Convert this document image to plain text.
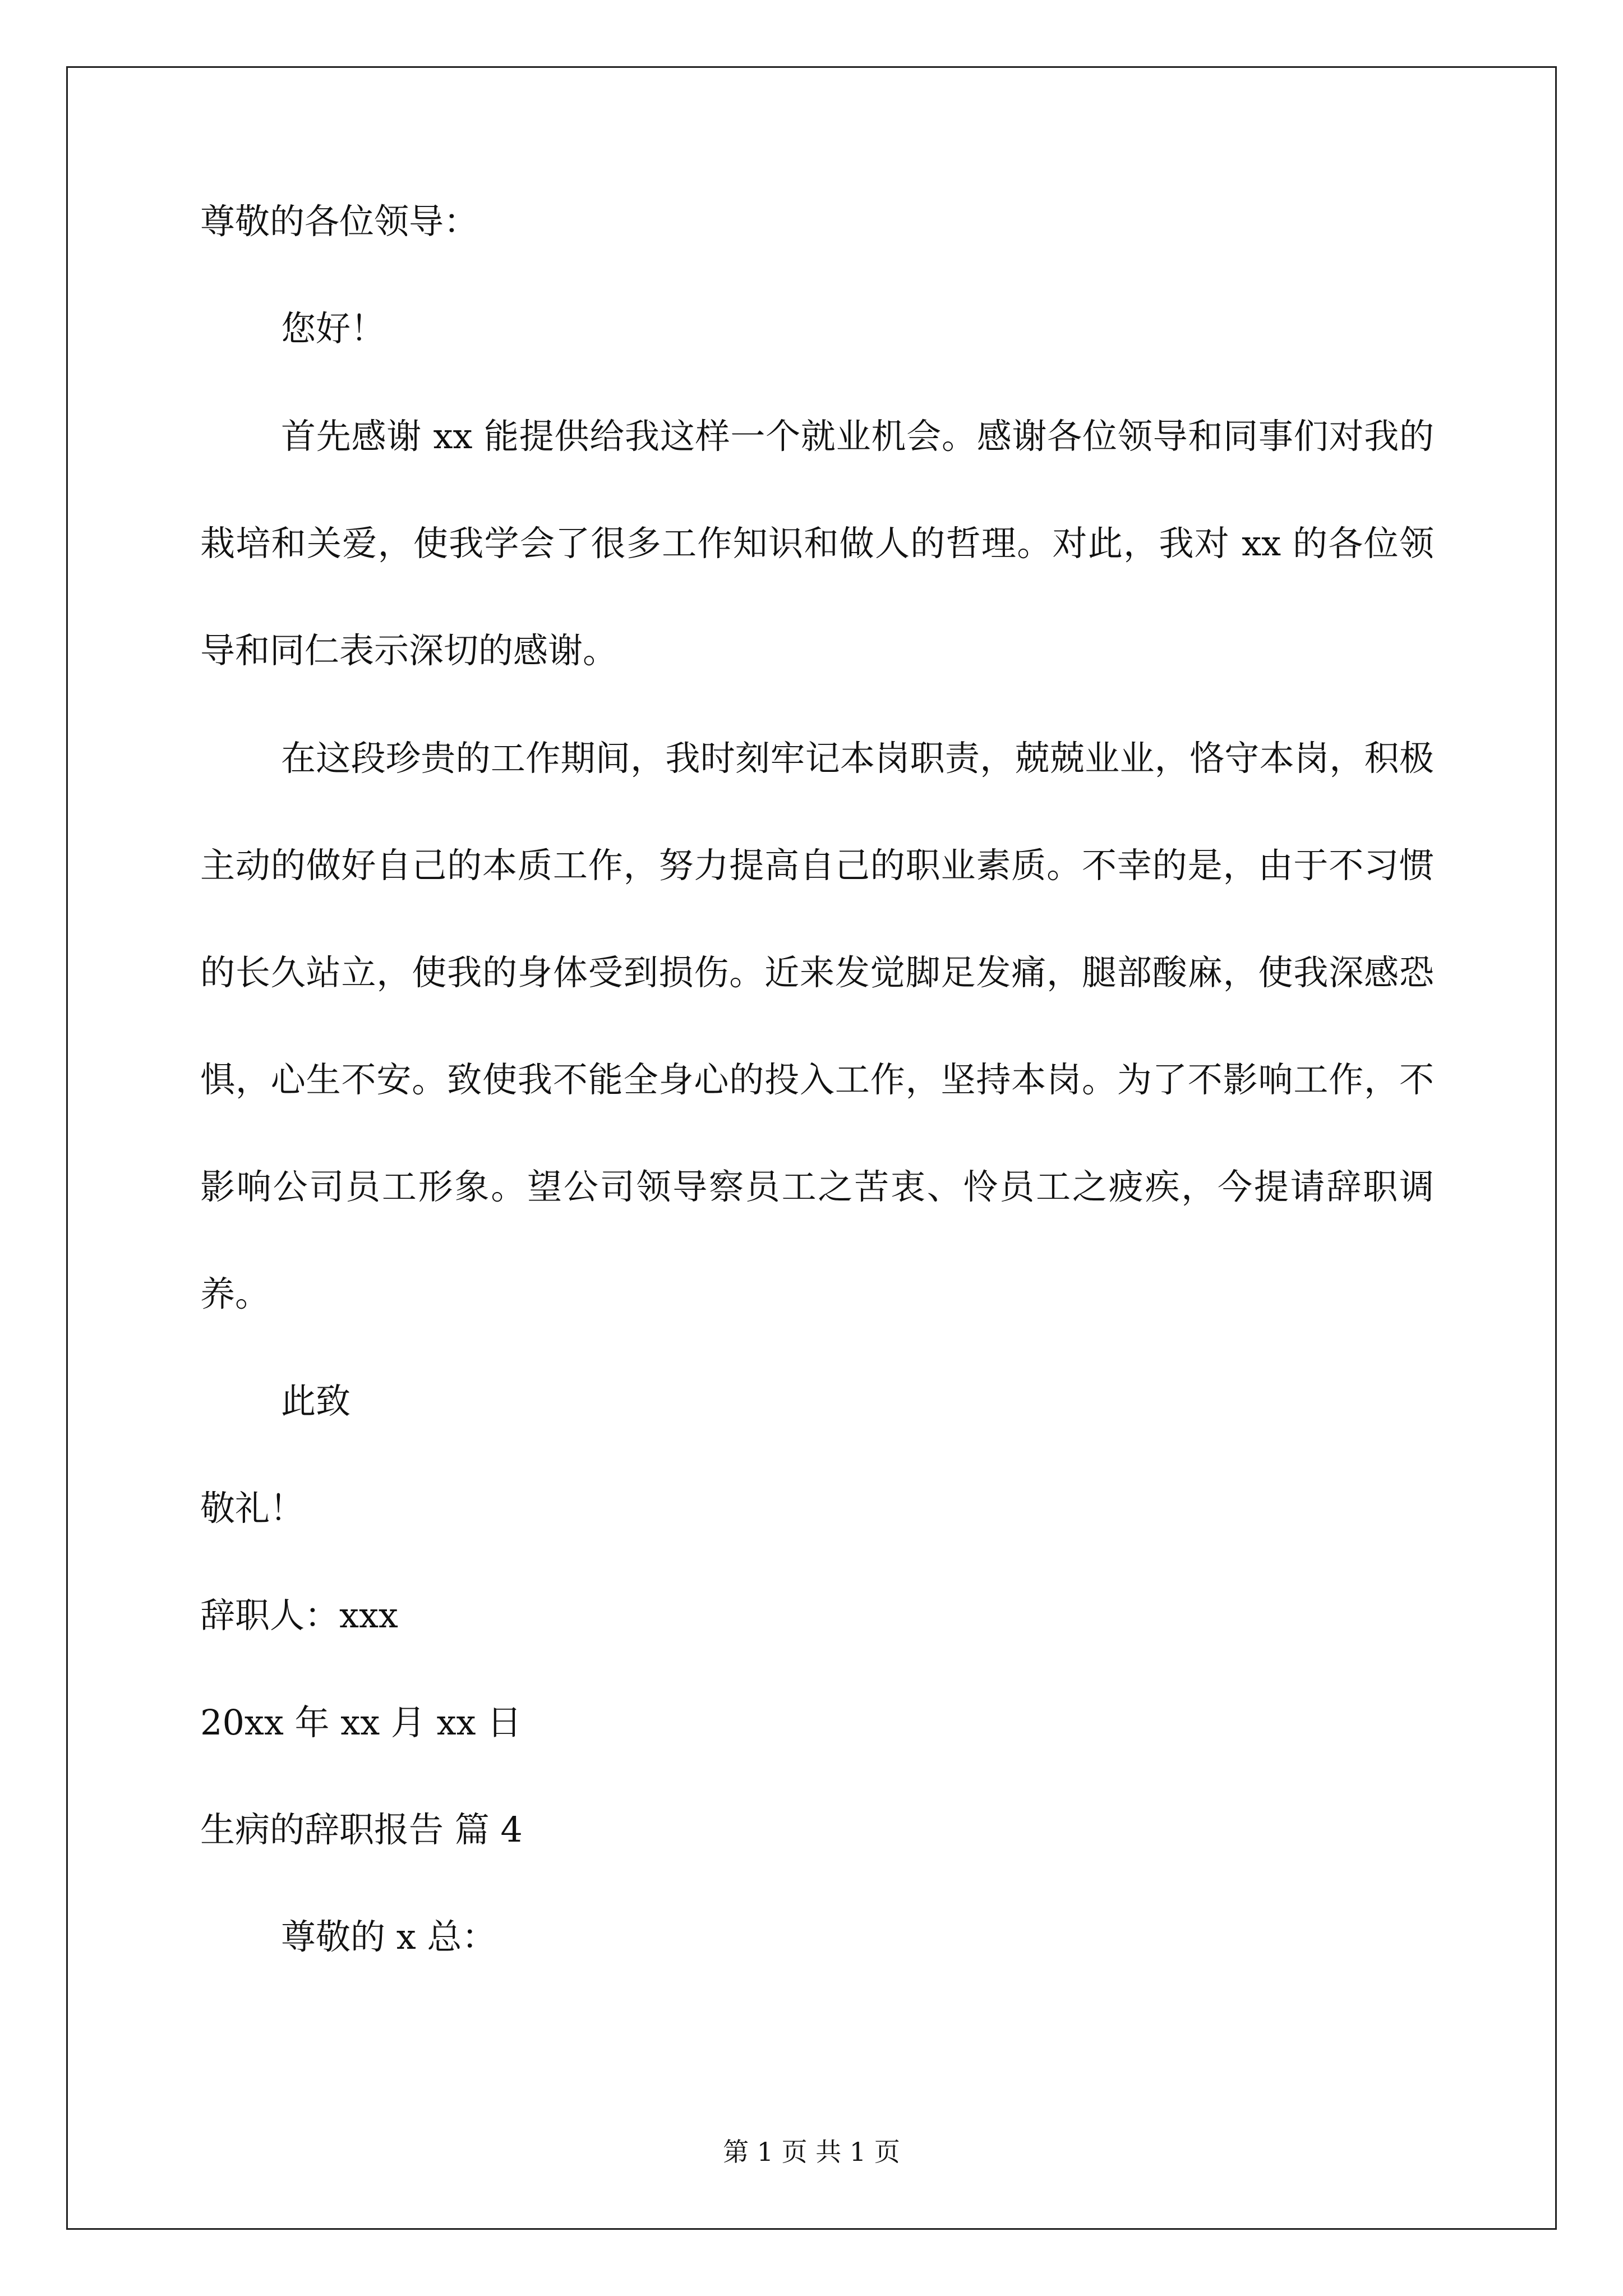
尊敬的各位领导：
您好！

首先感谢 xx 能提供给我这样一个就业机会。感谢各位领导和同事们对我的栽培和关爱，使我学会了很多工作知识和做人的哲理。对此，我对 xx 的各位领导和同仁表示深切的感谢。

在这段珍贵的工作期间，我时刻牢记本岗职责，兢兢业业，恪守本岗，积极主动的做好自己的本质工作，努力提高自己的职业素质。不幸的是，由于不习惯的长久站立，使我的身体受到损伤。近来发觉脚足发痛，腿部酸麻，使我深感恐惧，心生不安。致使我不能全身心的投入工作，坚持本岗。为了不影响工作，不影响公司员工形象。望公司领导察员工之苦衷、怜员工之疲疾，今提请辞职调养。

此致
敬礼！
辞职人：xxx
20xx 年 xx 月 xx 日
生病的辞职报告 篇 4
尊敬的 x 总：
第 1 页 共 1 页
